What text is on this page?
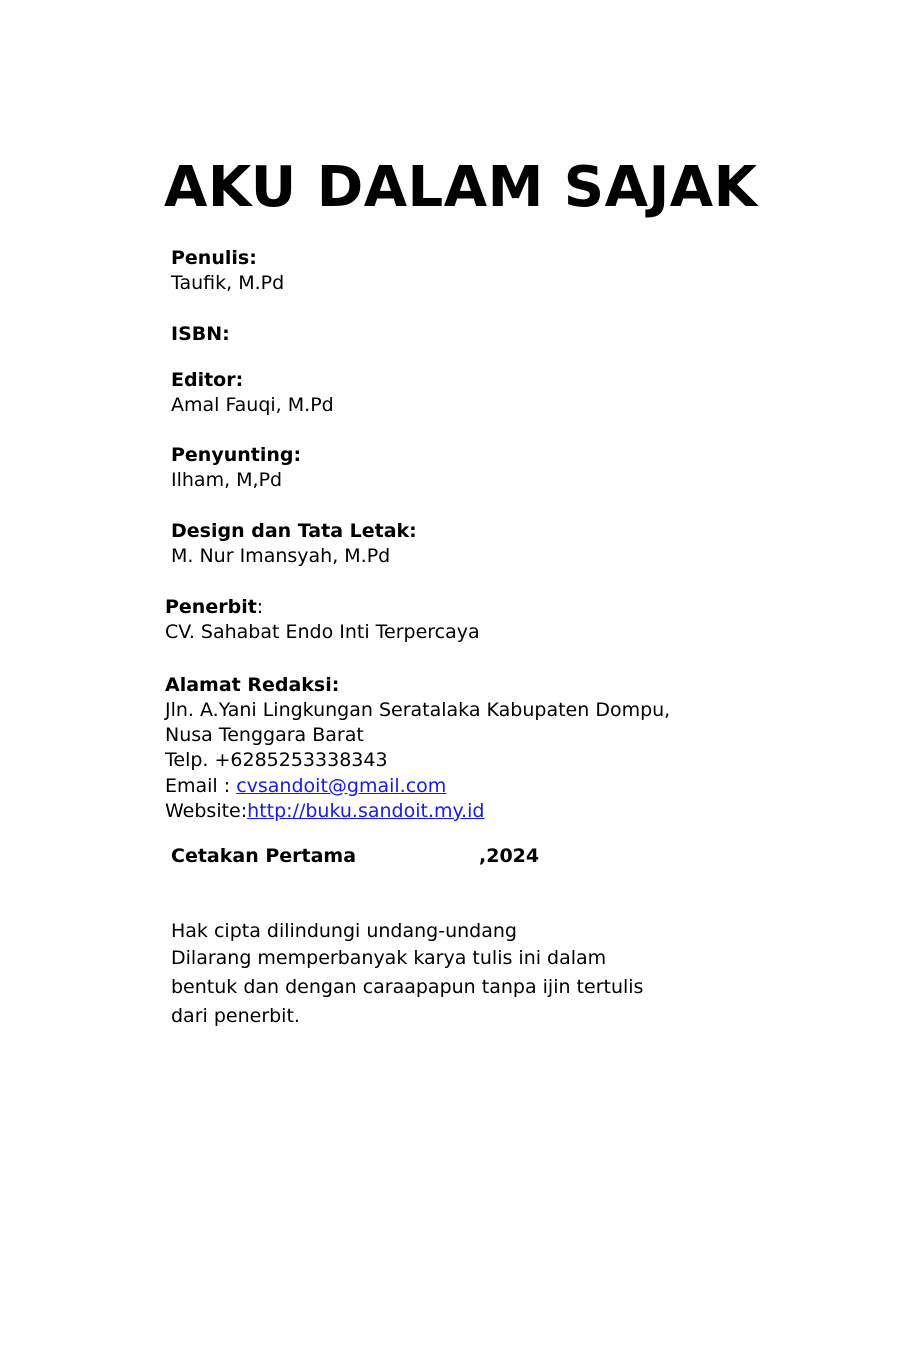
AKU DALAM SAJAK
Penulis:
Taufik, M.Pd
ISBN:
Editor:
Amal Fauqi, M.Pd
Penyunting:
Ilham, M,Pd
Design dan Tata Letak:
M. Nur Imansyah, M.Pd
Penerbit:
CV. Sahabat Endo Inti Terpercaya
Alamat Redaksi:
Jln. A.Yani Lingkungan Seratalaka Kabupaten Dompu,
Nusa Tenggara Barat
Telp. +6285253338343
Email : cvsandoit@gmail.com
Website:http://buku.sandoit.my.id
Cetakan Pertama	,2024
Hak cipta dilindungi undang-undang
Dilarang memperbanyak karya tulis ini dalam bentuk dan dengan caraapapun tanpa ijin tertulis dari penerbit.
